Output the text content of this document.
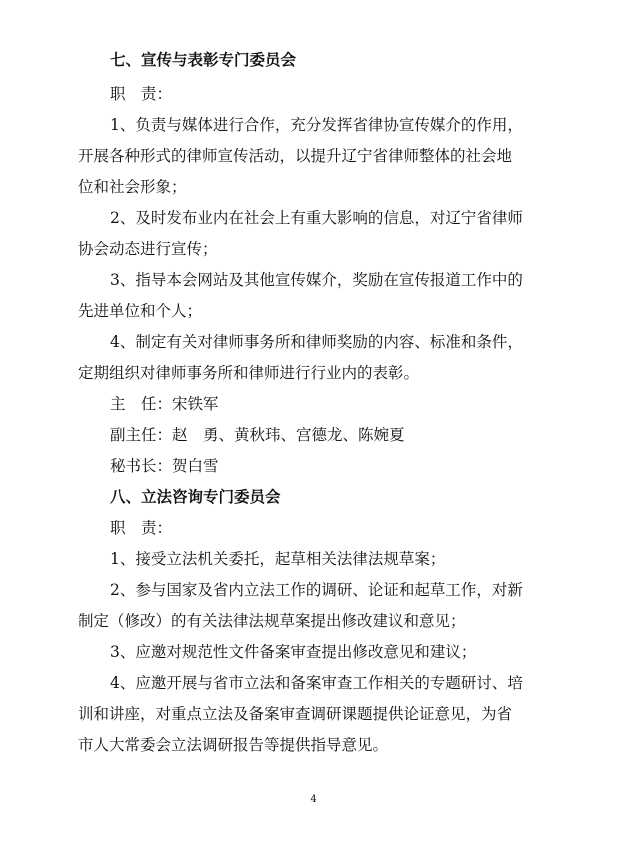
七、宣传与表彰专门委员会

职　责：

1、负责与媒体进行合作，充分发挥省律协宣传媒介的作用，

开展各种形式的律师宣传活动，以提升辽宁省律师整体的社会地

位和社会形象；

2、及时发布业内在社会上有重大影响的信息，对辽宁省律师

协会动态进行宣传；

3、指导本会网站及其他宣传媒介，奖励在宣传报道工作中的

先进单位和个人；

4、制定有关对律师事务所和律师奖励的内容、标准和条件，

定期组织对律师事务所和律师进行行业内的表彰。

主　任：宋铁军

副主任：赵　勇、黄秋玮、宫德龙、陈婉夏

秘书长：贺白雪

八、立法咨询专门委员会

职　责：

1、接受立法机关委托，起草相关法律法规草案；

2、参与国家及省内立法工作的调研、论证和起草工作，对新

制定（修改）的有关法律法规草案提出修改建议和意见；

3、应邀对规范性文件备案审查提出修改意见和建议；

4、应邀开展与省市立法和备案审查工作相关的专题研讨、培

训和讲座，对重点立法及备案审查调研课题提供论证意见，为省

市人大常委会立法调研报告等提供指导意见。

4
